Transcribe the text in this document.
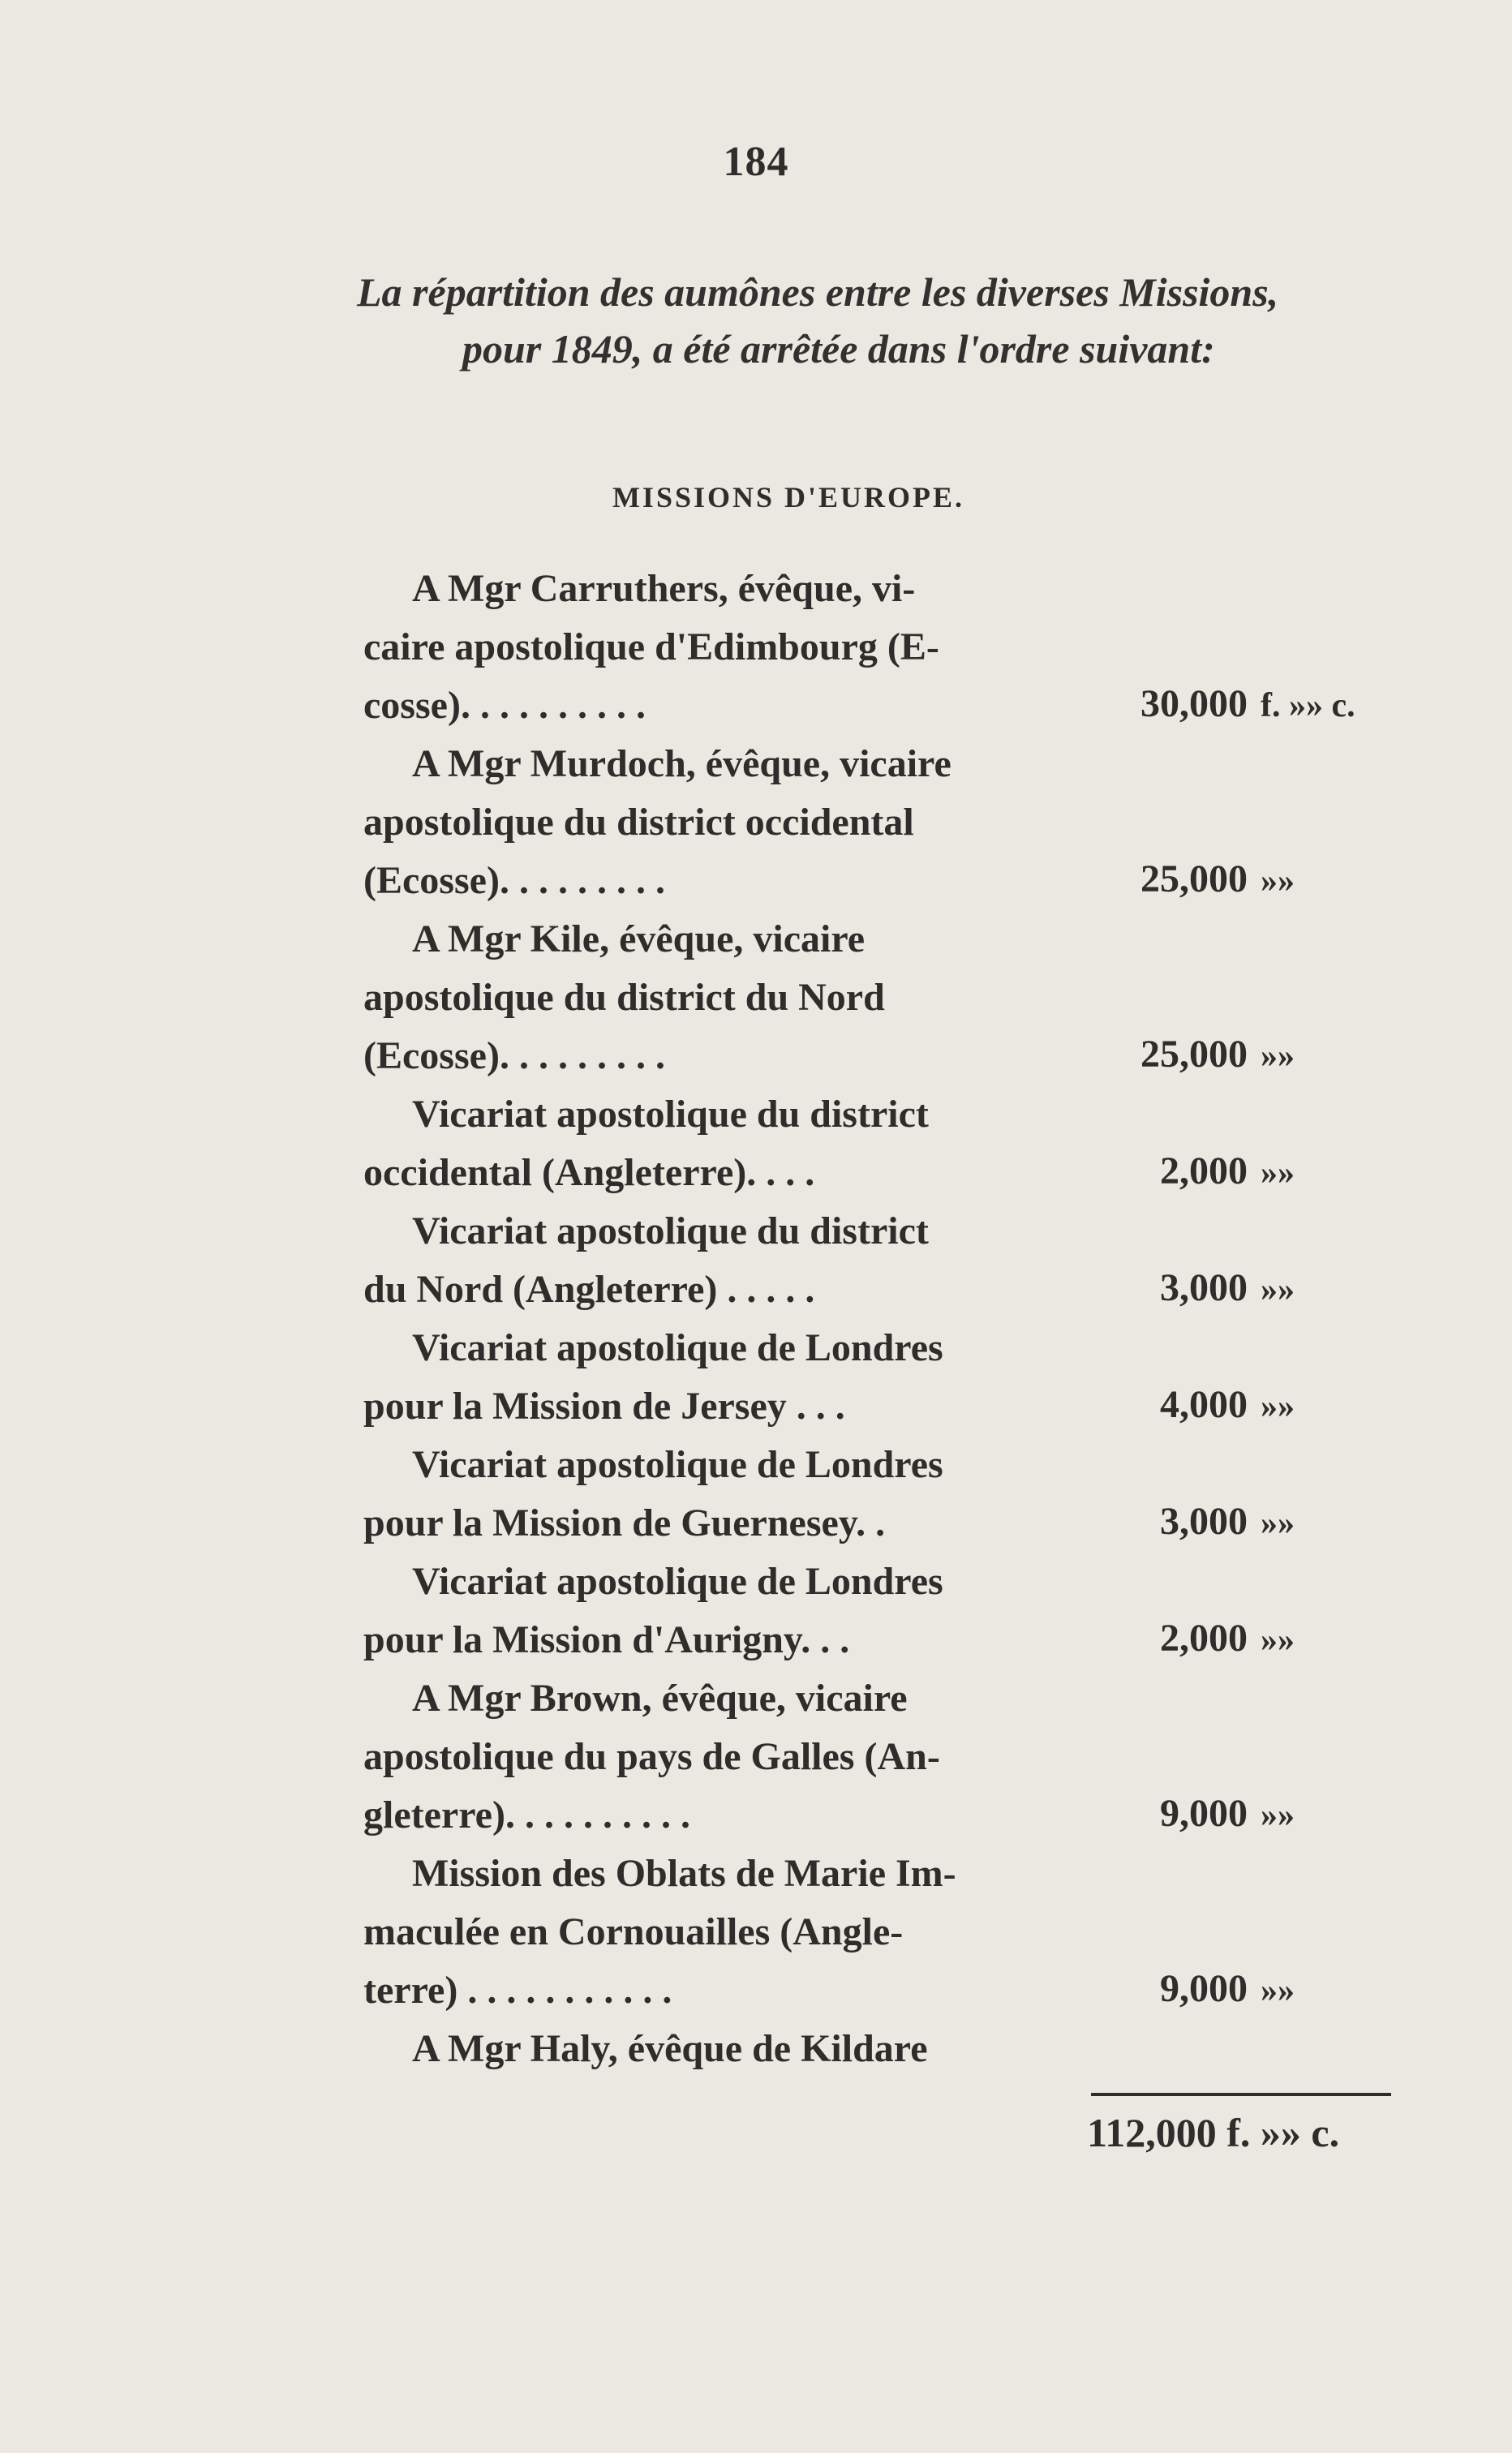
184
La répartition des aumônes entre les diverses Missions,
pour 1849, a été arrêtée dans l'ordre suivant:
MISSIONS D'EUROPE.
A Mgr Carruthers, évêque, vi-
caire apostolique d'Edimbourg (E-
cosse). . . . . . . . . .	30,000 f. »» c.
A Mgr Murdoch, évêque, vicaire
apostolique du district occidental
(Ecosse). . . . . . . . .	25,000 »»
A Mgr Kile, évêque, vicaire
apostolique du district du Nord
(Ecosse). . . . . . . . .	25,000 »»
Vicariat apostolique du district
occidental (Angleterre). . . .	2,000 »»
Vicariat apostolique du district
du Nord (Angleterre) . . . . .	3,000 »»
Vicariat apostolique de Londres
pour la Mission de Jersey . . .	4,000 »»
Vicariat apostolique de Londres
pour la Mission de Guernesey. .	3,000 »»
Vicariat apostolique de Londres
pour la Mission d'Aurigny. . .	2,000 »»
A Mgr Brown, évêque, vicaire
apostolique du pays de Galles (An-
gleterre). . . . . . . . . .	9,000 »»
Mission des Oblats de Marie Im-
maculée en Cornouailles (Angle-
terre) . . . . . . . . . . .	9,000 »»
A Mgr Haly, évêque de Kildare
112,000 f. »» c.
